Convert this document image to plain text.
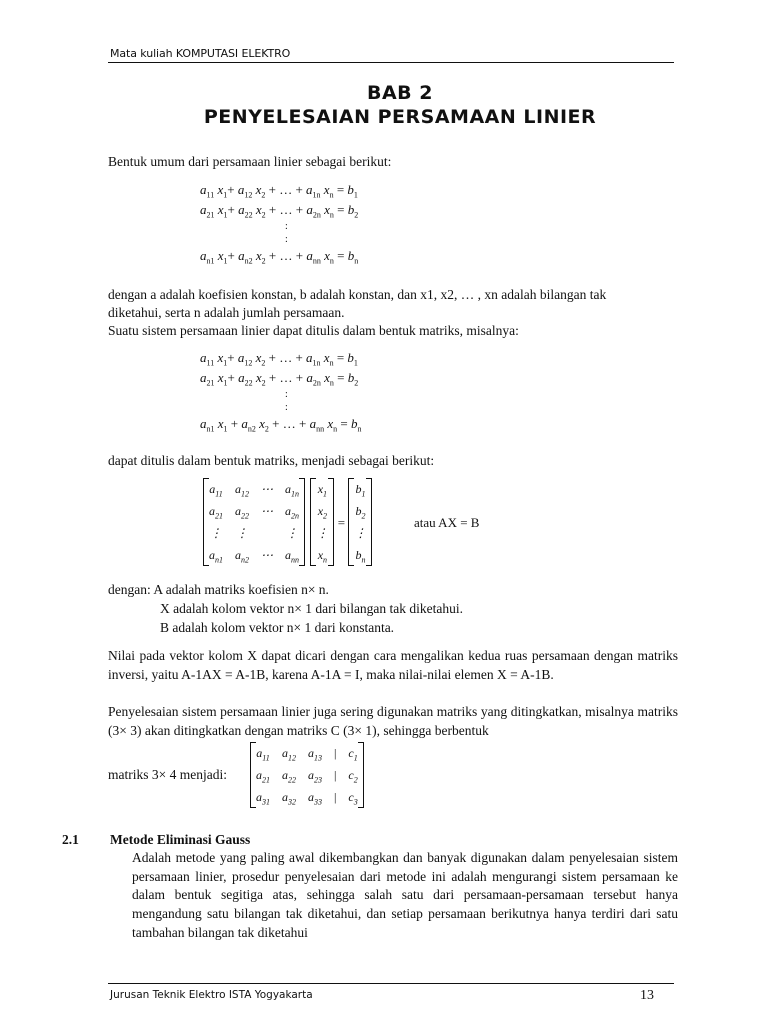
Mata kuliah KOMPUTASI ELEKTRO
BAB 2
PENYELESAIAN PERSAMAAN LINIER
Bentuk umum dari persamaan linier sebagai berikut:
$a_{11}$ $x_1+ a_{12}$ $x_2$ + … + $a_{1n}$ $x_n = b_1$
$a_{21}$ $x_1+ a_{22}$ $x_2$ + … + $a_{2n}$ $x_n = b_2$
:
:
$a_{n1}$ $x_1+ a_{n2}$ $x_2$ + … + $a_{nn}$ $x_n = b_n$
dengan a adalah koefisien konstan, b adalah konstan, dan x1, x2, … , xn adalah bilangan tak
diketahui, serta n adalah jumlah persamaan.
Suatu sistem persamaan linier dapat ditulis dalam bentuk matriks, misalnya:
$a_{11}$ $x_1+ a_{12}$ $x_2$ + … + $a_{1n}$ $x_n = b_1$
$a_{21}$ $x_1+ a_{22}$ $x_2$ + … + $a_{2n}$ $x_n = b_2$
:
:
$a_{n1}$ $x_1 + a_{n2}$ $x_2$ + … + $a_{nn}$ $x_n = b_n$
dapat ditulis dalam bentuk matriks, menjadi sebagai berikut:
$a_{11}$	$a_{12}$	⋯	$a_{1n}$
$a_{21}$	$a_{22}$	⋯	$a_{2n}$
⋮	⋮		⋮
$a_{n1}$	$a_{n2}$	⋯	$a_{nn}$

$x_1$
$x_2$
⋮
$x_n$
=
$b_1$
$b_2$
⋮
$b_n$
atau AX = B
dengan: A adalah matriks koefisien n× n.
X adalah kolom vektor n× 1 dari bilangan tak diketahui.
B adalah kolom vektor n× 1 dari konstanta.
Nilai pada vektor kolom X dapat dicari dengan cara mengalikan kedua ruas persamaan dengan matriks inversi, yaitu A-1AX = A-1B, karena A-1A = I, maka nilai-nilai elemen X = A-1B.
Penyelesaian sistem persamaan linier juga sering digunakan matriks yang ditingkatkan, misalnya matriks (3× 3) akan ditingkatkan dengan matriks C (3× 1), sehingga berbentuk
matriks 3× 4 menjadi:
$a_{11}$	$a_{12}$	$a_{13}$	|	$c_1$
$a_{21}$	$a_{22}$	$a_{23}$	|	$c_2$
$a_{31}$	$a_{32}$	$a_{33}$	|	$c_3$
2.1 Metode Eliminasi Gauss
Adalah metode yang paling awal dikembangkan dan banyak digunakan dalam penyelesaian sistem persamaan linier, prosedur penyelesaian dari metode ini adalah mengurangi sistem persamaan ke dalam bentuk segitiga atas, sehingga salah satu dari persamaan-persamaan tersebut hanya mengandung satu bilangan tak diketahui, dan setiap persamaan berikutnya hanya terdiri dari satu tambahan bilangan tak diketahui
Jurusan Teknik Elektro ISTA Yogyakarta	13
